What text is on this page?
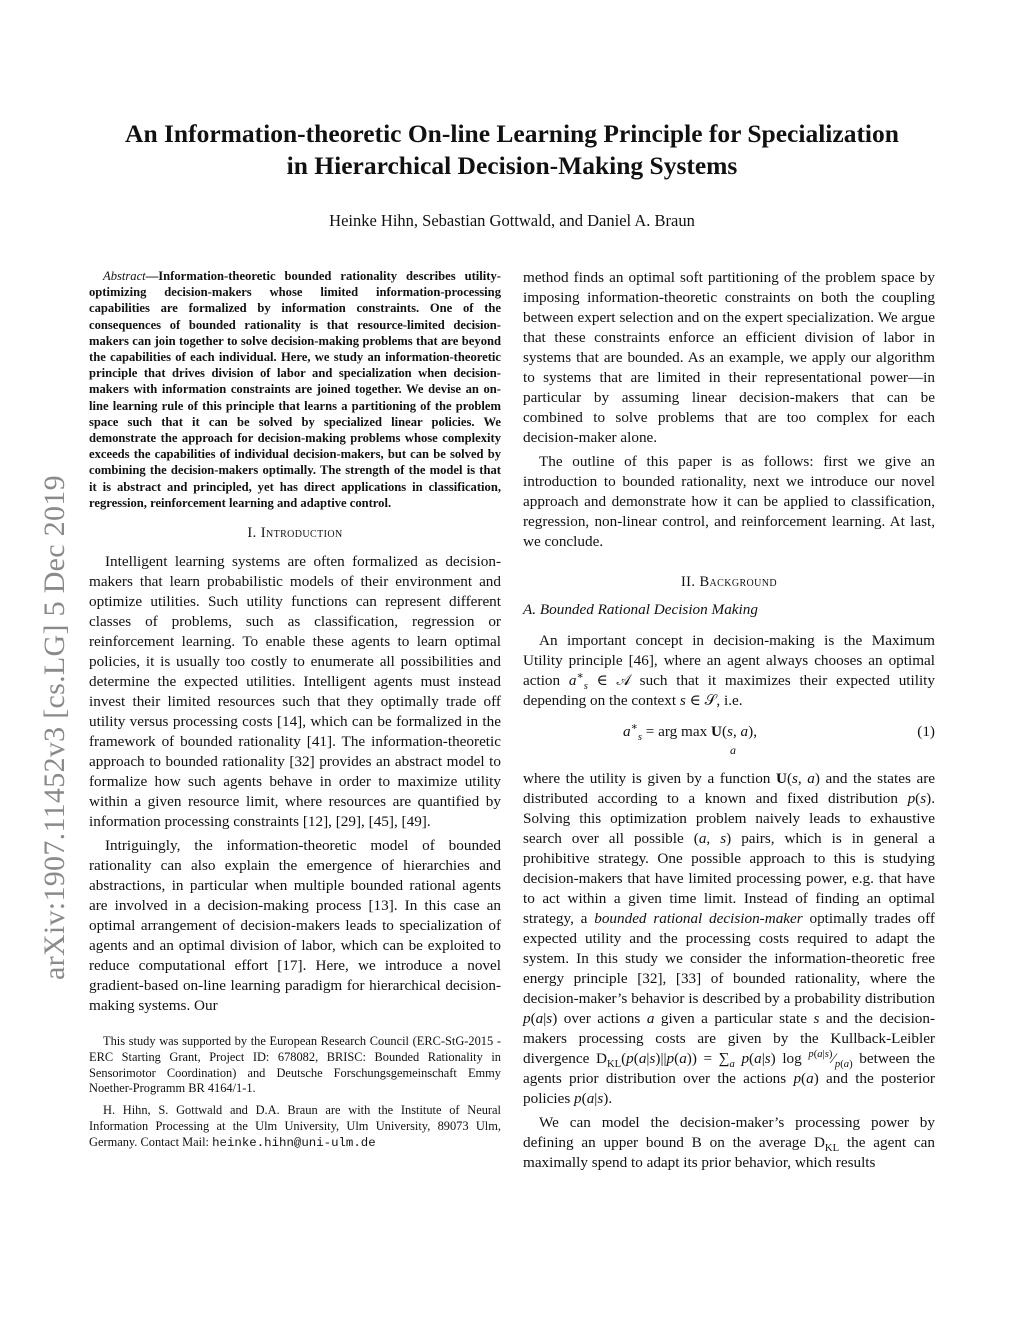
arXiv:1907.11452v3 [cs.LG] 5 Dec 2019
An Information-theoretic On-line Learning Principle for Specialization
in Hierarchical Decision-Making Systems
Heinke Hihn, Sebastian Gottwald, and Daniel A. Braun
Abstract—Information-theoretic bounded rationality describes utility-optimizing decision-makers whose limited information-processing capabilities are formalized by information constraints. One of the consequences of bounded rationality is that resource-limited decision-makers can join together to solve decision-making problems that are beyond the capabilities of each individual. Here, we study an information-theoretic principle that drives division of labor and specialization when decision-makers with information constraints are joined together. We devise an on-line learning rule of this principle that learns a partitioning of the problem space such that it can be solved by specialized linear policies. We demonstrate the approach for decision-making problems whose complexity exceeds the capabilities of individual decision-makers, but can be solved by combining the decision-makers optimally. The strength of the model is that it is abstract and principled, yet has direct applications in classification, regression, reinforcement learning and adaptive control.
I. Introduction

Intelligent learning systems are often formalized as decision-makers that learn probabilistic models of their environment and optimize utilities. Such utility functions can represent different classes of problems, such as classification, regression or reinforcement learning. To enable these agents to learn optimal policies, it is usually too costly to enumerate all possibilities and determine the expected utilities. Intelligent agents must instead invest their limited resources such that they optimally trade off utility versus processing costs [14], which can be formalized in the framework of bounded rationality [41]. The information-theoretic approach to bounded rationality [32] provides an abstract model to formalize how such agents behave in order to maximize utility within a given resource limit, where resources are quantified by information processing constraints [12], [29], [45], [49].

Intriguingly, the information-theoretic model of bounded rationality can also explain the emergence of hierarchies and abstractions, in particular when multiple bounded rational agents are involved in a decision-making process [13]. In this case an optimal arrangement of decision-makers leads to specialization of agents and an optimal division of labor, which can be exploited to reduce computational effort [17]. Here, we introduce a novel gradient-based on-line learning paradigm for hierarchical decision-making systems. Our

This study was supported by the European Research Council (ERC-StG-2015 - ERC Starting Grant, Project ID: 678082, BRISC: Bounded Rationality in Sensorimotor Coordination) and Deutsche Forschungsgemeinschaft Emmy Noether-Programm BR 4164/1-1.

H. Hihn, S. Gottwald and D.A. Braun are with the Institute of Neural Information Processing at the Ulm University, Ulm University, 89073 Ulm, Germany. Contact Mail: heinke.hihn@uni-ulm.de

method finds an optimal soft partitioning of the problem space by imposing information-theoretic constraints on both the coupling between expert selection and on the expert specialization. We argue that these constraints enforce an efficient division of labor in systems that are bounded. As an example, we apply our algorithm to systems that are limited in their representational power—in particular by assuming linear decision-makers that can be combined to solve problems that are too complex for each decision-maker alone.

The outline of this paper is as follows: first we give an introduction to bounded rationality, next we introduce our novel approach and demonstrate how it can be applied to classification, regression, non-linear control, and reinforcement learning. At last, we conclude.

II. Background
A. Bounded Rational Decision Making

An important concept in decision-making is the Maximum Utility principle [46], where an agent always chooses an optimal action $a^∗_s$ ∈ 𝒜 such that it maximizes their expected utility depending on the context s ∈ 𝒮, i.e.

$a^∗_s$ = arg max U(s, a),
a
(1)

where the utility is given by a function U(s, a) and the states are distributed according to a known and fixed distribution p(s). Solving this optimization problem naively leads to exhaustive search over all possible (a, s) pairs, which is in general a prohibitive strategy. One possible approach to this is studying decision-makers that have limited processing power, e.g. that have to act within a given time limit. Instead of finding an optimal strategy, a bounded rational decision-maker optimally trades off expected utility and the processing costs required to adapt the system. In this study we consider the information-theoretic free energy principle [32], [33] of bounded rationality, where the decision-maker’s behavior is described by a probability distribution p(a|s) over actions a given a particular state s and the decision-makers processing costs are given by the Kullback-Leibler divergence $D_{KL}(p(a|s)||p(a)) = \sum_a$ p(a|s) $\log ^{p(a|s)}⁄_{p(a)}$ between the agents prior distribution over the actions p(a) and the posterior policies p(a|s).

We can model the decision-maker’s processing power by defining an upper bound B on the average $D_{KL}$ the agent can maximally spend to adapt its prior behavior, which results
